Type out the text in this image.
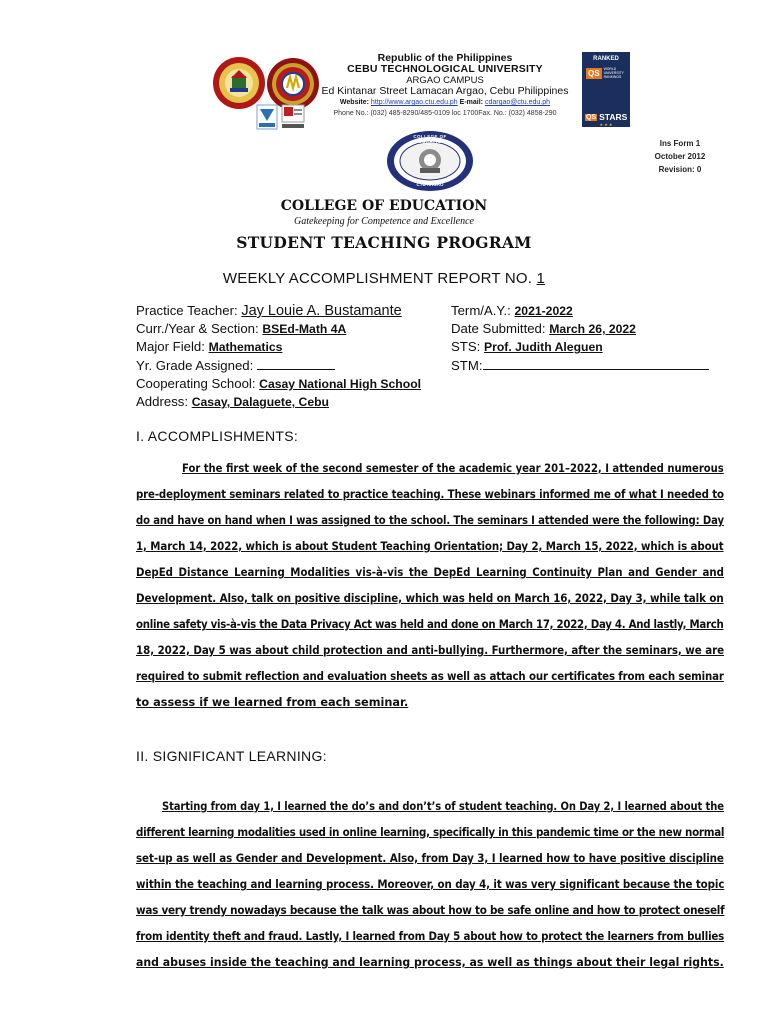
Republic of the Philippines
CEBU TECHNOLOGICAL UNIVERSITY
ARGAO CAMPUS
Ed Kintanar Street Lamacan Argao, Cebu Philippines
Website: http://www.argao.ctu.edu.ph E-mail: cdargao@ctu.edu.ph
Phone No.: (032) 485-8290/485-0109 loc 1700Fax. No.: (032) 4858-290
RANKED
QS	WORLD UNIVERSITY RANKINGS
QS STARS
★ ★ ★
Ins Form 1
October 2012
Revision: 0
COLLEGE OF EDUCATION
CTU ARGAO
COLLEGE OF EDUCATION
Gatekeeping for Competence and Excellence
STUDENT TEACHING PROGRAM
WEEKLY ACCOMPLISHMENT REPORT NO. 1
Practice Teacher: Jay Louie A. Bustamante
Curr./Year & Section: BSEd-Math 4A
Major Field: Mathematics
Yr. Grade Assigned:
Cooperating School: Casay National High School
Address: Casay, Dalaguete, Cebu
Term/A.Y.: 2021-2022
Date Submitted: March 26, 2022
STS: Prof. Judith Aleguen
STM:
I. ACCOMPLISHMENTS:
For the first week of the second semester of the academic year 201–2022, I attended numerous
pre-deployment seminars related to practice teaching. These webinars informed me of what I needed to
do and have on hand when I was assigned to the school. The seminars I attended were the following: Day
1, March 14, 2022, which is about Student Teaching Orientation; Day 2, March 15, 2022, which is about
DepEd Distance Learning Modalities vis-à-vis the DepEd Learning Continuity Plan and Gender and
Development. Also, talk on positive discipline, which was held on March 16, 2022, Day 3, while talk on
online safety vis-à-vis the Data Privacy Act was held and done on March 17, 2022, Day 4. And lastly, March
18, 2022, Day 5 was about child protection and anti-bullying. Furthermore, after the seminars, we are
required to submit reflection and evaluation sheets as well as attach our certificates from each seminar
to assess if we learned from each seminar.
II. SIGNIFICANT LEARNING:
Starting from day 1, I learned the do’s and don’t’s of student teaching. On Day 2, I learned about the
different learning modalities used in online learning, specifically in this pandemic time or the new normal
set-up as well as Gender and Development. Also, from Day 3, I learned how to have positive discipline
within the teaching and learning process. Moreover, on day 4, it was very significant because the topic
was very trendy nowadays because the talk was about how to be safe online and how to protect oneself
from identity theft and fraud. Lastly, I learned from Day 5 about how to protect the learners from bullies
and abuses inside the teaching and learning process, as well as things about their legal rights.
